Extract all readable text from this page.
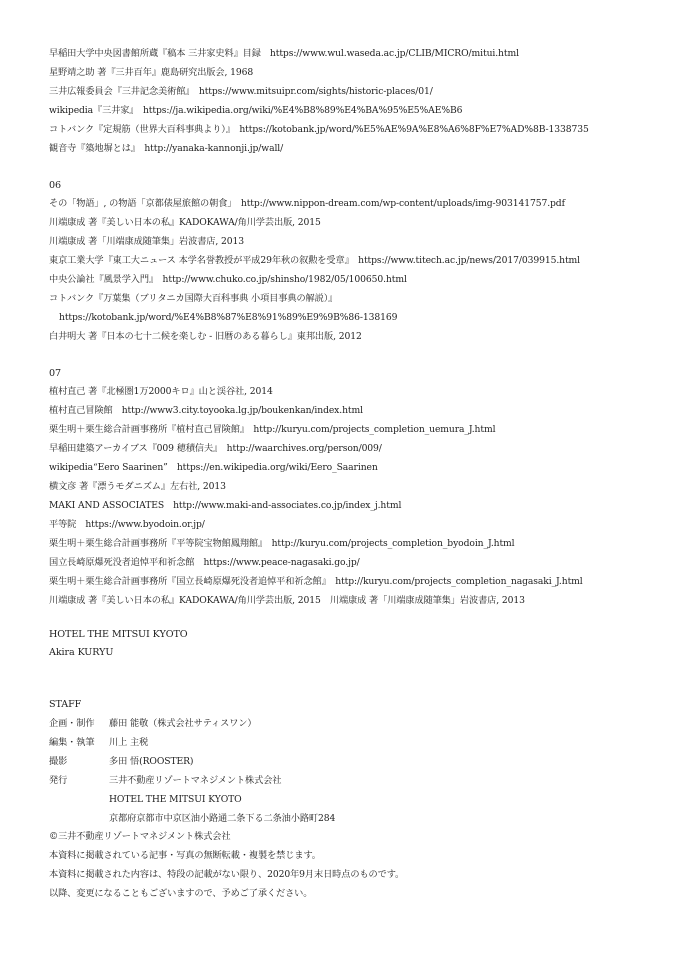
早稲田大学中央図書館所蔵『稿本 三井家史料』目録　https://www.wul.waseda.ac.jp/CLIB/MICRO/mitui.html
星野靖之助 著『三井百年』鹿島研究出版会, 1968
三井広報委員会『三井記念美術館』　https://www.mitsuipr.com/sights/historic-places/01/
wikipedia『三井家』　https://ja.wikipedia.org/wiki/%E4%B8%89%E4%BA%95%E5%AE%B6
コトバンク『定規筋（世界大百科事典より）』　https://kotobank.jp/word/%E5%AE%9A%E8%A6%8F%E7%AD%8B-1338735
観音寺『築地塀とは』　http://yanaka-kannonji.jp/wall/
06
その「物語」, の物語「京都俵屋旅館の朝食」　http://www.nippon-dream.com/wp-content/uploads/img-903141757.pdf
川端康成 著『美しい日本の私』KADOKAWA/角川学芸出版, 2015
川端康成 著「川端康成随筆集」岩波書店, 2013
東京工業大学『東工大ニュース 本学名誉教授が平成29年秋の叙勲を受章』　https://www.titech.ac.jp/news/2017/039915.html
中央公論社『風景学入門』　http://www.chuko.co.jp/shinsho/1982/05/100650.html
コトバンク『万葉集（ブリタニカ国際大百科事典 小項目事典の解説）』
https://kotobank.jp/word/%E4%B8%87%E8%91%89%E9%9B%86-138169
白井明大 著『日本の七十二候を楽しむ - 旧暦のある暮らし』東邦出版, 2012
07
植村直己 著『北極圏1万2000キロ』山と渓谷社, 2014
植村直己冒険館　http://www3.city.toyooka.lg.jp/boukenkan/index.html
栗生明＋栗生総合計画事務所『植村直己冒険館』　http://kuryu.com/projects_completion_uemura_J.html
早稲田建築アーカイブス『009 穂積信夫』　http://waarchives.org/person/009/
wikipedia“Eero Saarinen”　https://en.wikipedia.org/wiki/Eero_Saarinen
横文彦 著『漂うモダニズム』左右社, 2013
MAKI AND ASSOCIATES　http://www.maki-and-associates.co.jp/index_j.html
平等院　https://www.byodoin.or.jp/
栗生明＋栗生総合計画事務所『平等院宝物館鳳翔館』　http://kuryu.com/projects_completion_byodoin_J.html
国立長崎原爆死没者追悼平和祈念館　https://www.peace-nagasaki.go.jp/
栗生明＋栗生総合計画事務所『国立長崎原爆死没者追悼平和祈念館』　http://kuryu.com/projects_completion_nagasaki_J.html
川端康成 著『美しい日本の私』KADOKAWA/角川学芸出版, 2015　川端康成 著「川端康成随筆集」岩波書店, 2013
HOTEL THE MITSUI KYOTO
Akira KURYU
STAFF
企画・制作 藤田 能敬（株式会社サティスワン）
編集・執筆 川上 主税
撮影	多田 悟(ROOSTER)
発行	三井不動産リゾートマネジメント株式会社
HOTEL THE MITSUI KYOTO
京都府京都市中京区油小路通二条下る二条油小路町284
©三井不動産リゾートマネジメント株式会社
本資料に掲載されている記事・写真の無断転載・複製を禁じます。
本資料に掲載された内容は、特段の記載がない限り、2020年9月末日時点のものです。
以降、変更になることもございますので、予めご了承ください。
